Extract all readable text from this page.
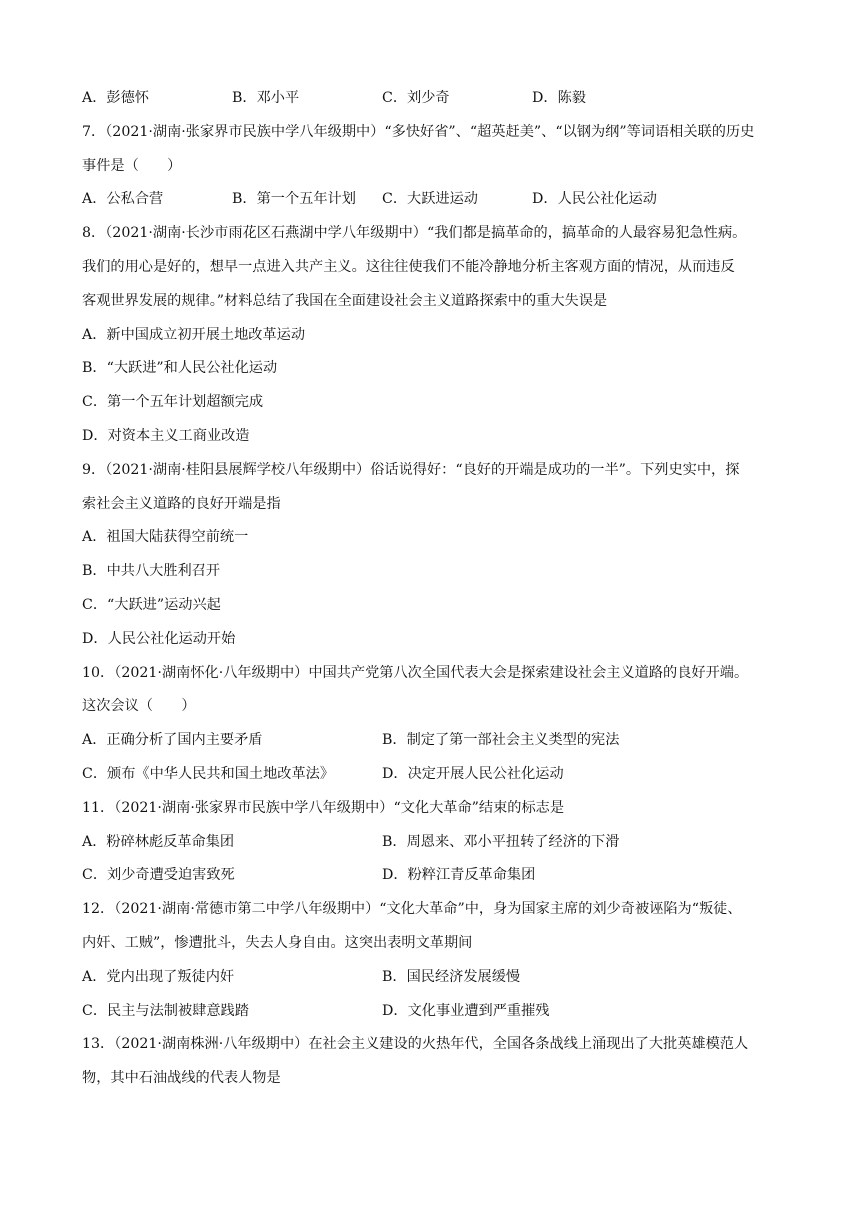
A．彭德怀	B．邓小平	C．刘少奇	D．陈毅
7．（2021·湖南·张家界市民族中学八年级期中）“多快好省”、“超英赶美”、“以钢为纲”等词语相关联的历史
事件是（　　）
A．公私合营	B．第一个五年计划	C．大跃进运动	D．人民公社化运动
8．（2021·湖南·长沙市雨花区石燕湖中学八年级期中）“我们都是搞革命的，搞革命的人最容易犯急性病。
我们的用心是好的，想早一点进入共产主义。这往往使我们不能冷静地分析主客观方面的情况，从而违反
客观世界发展的规律。”材料总结了我国在全面建设社会主义道路探索中的重大失误是
A．新中国成立初开展土地改革运动
B．“大跃进”和人民公社化运动
C．第一个五年计划超额完成
D．对资本主义工商业改造
9．（2021·湖南·桂阳县展辉学校八年级期中）俗话说得好：“良好的开端是成功的一半”。下列史实中，探
索社会主义道路的良好开端是指
A．祖国大陆获得空前统一
B．中共八大胜利召开
C．“大跃进”运动兴起
D．人民公社化运动开始
10．（2021·湖南怀化·八年级期中）中国共产党第八次全国代表大会是探索建设社会主义道路的良好开端。
这次会议（　　）
A．正确分析了国内主要矛盾	B．制定了第一部社会主义类型的宪法
C．颁布《中华人民共和国土地改革法》	D．决定开展人民公社化运动
11．（2021·湖南·张家界市民族中学八年级期中）“文化大革命”结束的标志是
A．粉碎林彪反革命集团	B．周恩来、邓小平扭转了经济的下滑
C．刘少奇遭受迫害致死	D．粉粹江青反革命集团
12．（2021·湖南·常德市第二中学八年级期中）“文化大革命”中，身为国家主席的刘少奇被诬陷为“叛徒、
内奸、工贼”，惨遭批斗，失去人身自由。这突出表明文革期间
A．党内出现了叛徒内奸	B．国民经济发展缓慢
C．民主与法制被肆意践踏	D．文化事业遭到严重摧残
13．（2021·湖南株洲·八年级期中）在社会主义建设的火热年代，全国各条战线上涌现出了大批英雄模范人
物，其中石油战线的代表人物是
